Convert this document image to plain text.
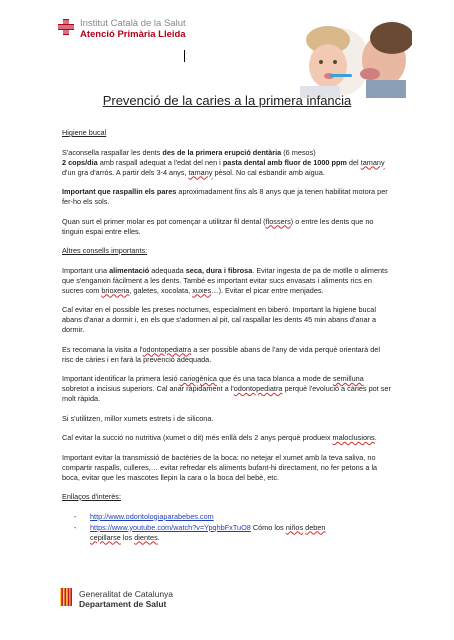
Institut Català de la Salut
Atenció Primària Lleida
Prevenció de la caries a la primera infancia

Higiene bucal

S'aconsella raspallar les dents des de la primera erupció dentària (6 mesos)
2 cops/dia amb raspall adequat a l'edat del nen i pasta dental amb fluor de 1000 ppm del tamany d'un gra d'arròs. A partir dels 3-4 anys, tamany pèsol. No cal esbandir amb aigua.

Important que raspallin els pares aproximadament fins als 8 anys que ja tenen habilitat motora per fer-ho els sols.

Quan surt el primer molar es pot començar a utilitzar fil dental (flossers) o entre les dents que no tinguin espai entre elles.

Altres consells importants:

Important una alimentació adequada seca, dura i fibrosa. Evitar ingesta de pa de motlle o aliments que s'enganxin fàcilment a les dents. També es important evitar sucs envasats i aliments rics en sucres com brioxeria, galetes, xocolata, xuxes…). Evitar el picar entre menjades.

Cal evitar en el possible les preses nocturnes, especialment en biberó. Important la higiene bucal abans d'anar a dormir i, en els que s'adormen al pit, cal raspallar les dents 45 min abans d'anar a dormir.

Es recomana la visita a l'odontopediatra a ser possible abans de l'any de vida perquè orientarà del risc de càries i en farà la prevenció adequada.

Important identificar la primera lesió cariogènica que és una taca blanca a mode de semilluna sobretot a incisius superiors. Cal anar ràpidament a l'odontopediatra perquè l'evolució a càries pot ser molt ràpida.

Si s'utilitzen, millor xumets estrets i de silicona.

Cal evitar la succió no nutritiva (xumet o dit) més enllà dels 2 anys perquè produeix maloclusions.

Important evitar la transmissió de bactèries de la boca: no netejar el xumet amb la teva saliva, no compartir raspalls, culleres,… evitar refredar els aliments bufant-hi directament, no fer petons a la boca, evitar que les mascotes llepin la cara o la boca del bebè, etc.

Enllaços d'interès:

- http://www.odontologiaparabebes.com
- https://www.youtube.com/watch?v=YpqhbFxTuO8 Cómo los niños deben
cepillarse los dientes.
Generalitat de Catalunya
Departament de Salut
